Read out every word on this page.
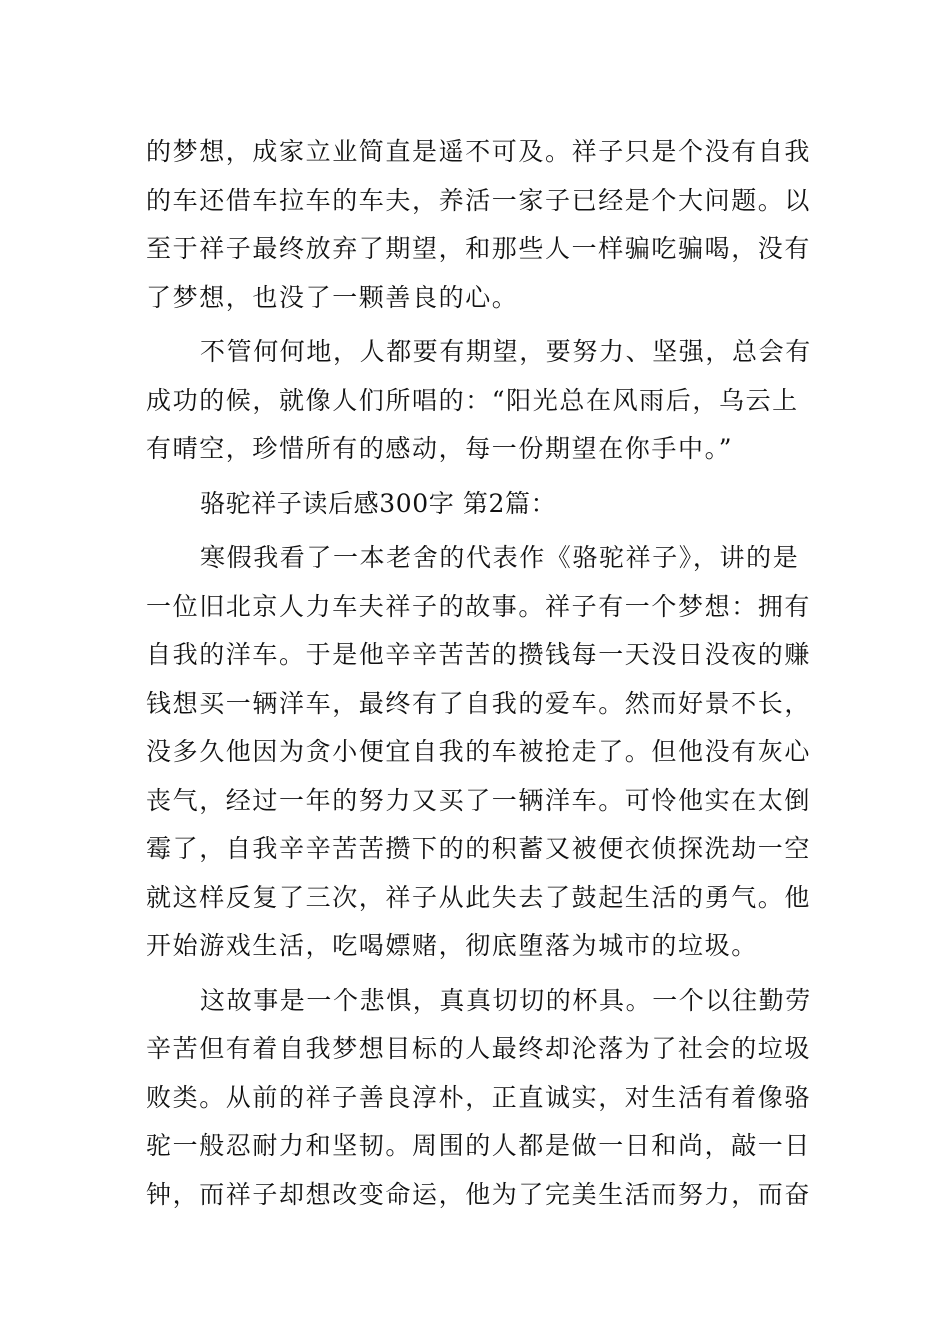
的梦想，成家立业简直是遥不可及。祥子只是个没有自我
的车还借车拉车的车夫，养活一家子已经是个大问题。以
至于祥子最终放弃了期望，和那些人一样骗吃骗喝，没有
了梦想，也没了一颗善良的心。
不管何何地，人都要有期望，要努力、坚强，总会有
成功的候，就像人们所唱的：“阳光总在风雨后，乌云上
有晴空，珍惜所有的感动，每一份期望在你手中。”
骆驼祥子读后感300字 第2篇：
寒假我看了一本老舍的代表作《骆驼祥子》，讲的是
一位旧北京人力车夫祥子的故事。祥子有一个梦想：拥有
自我的洋车。于是他辛辛苦苦的攒钱每一天没日没夜的赚
钱想买一辆洋车，最终有了自我的爱车。然而好景不长，
没多久他因为贪小便宜自我的车被抢走了。但他没有灰心
丧气，经过一年的努力又买了一辆洋车。可怜他实在太倒
霉了，自我辛辛苦苦攒下的的积蓄又被便衣侦探洗劫一空
就这样反复了三次，祥子从此失去了鼓起生活的勇气。他
开始游戏生活，吃喝嫖赌，彻底堕落为城市的垃圾。
这故事是一个悲惧，真真切切的杯具。一个以往勤劳
辛苦但有着自我梦想目标的人最终却沦落为了社会的垃圾
败类。从前的祥子善良淳朴，正直诚实，对生活有着像骆
驼一般忍耐力和坚韧。周围的人都是做一日和尚，敲一日
钟，而祥子却想改变命运，他为了完美生活而努力，而奋
